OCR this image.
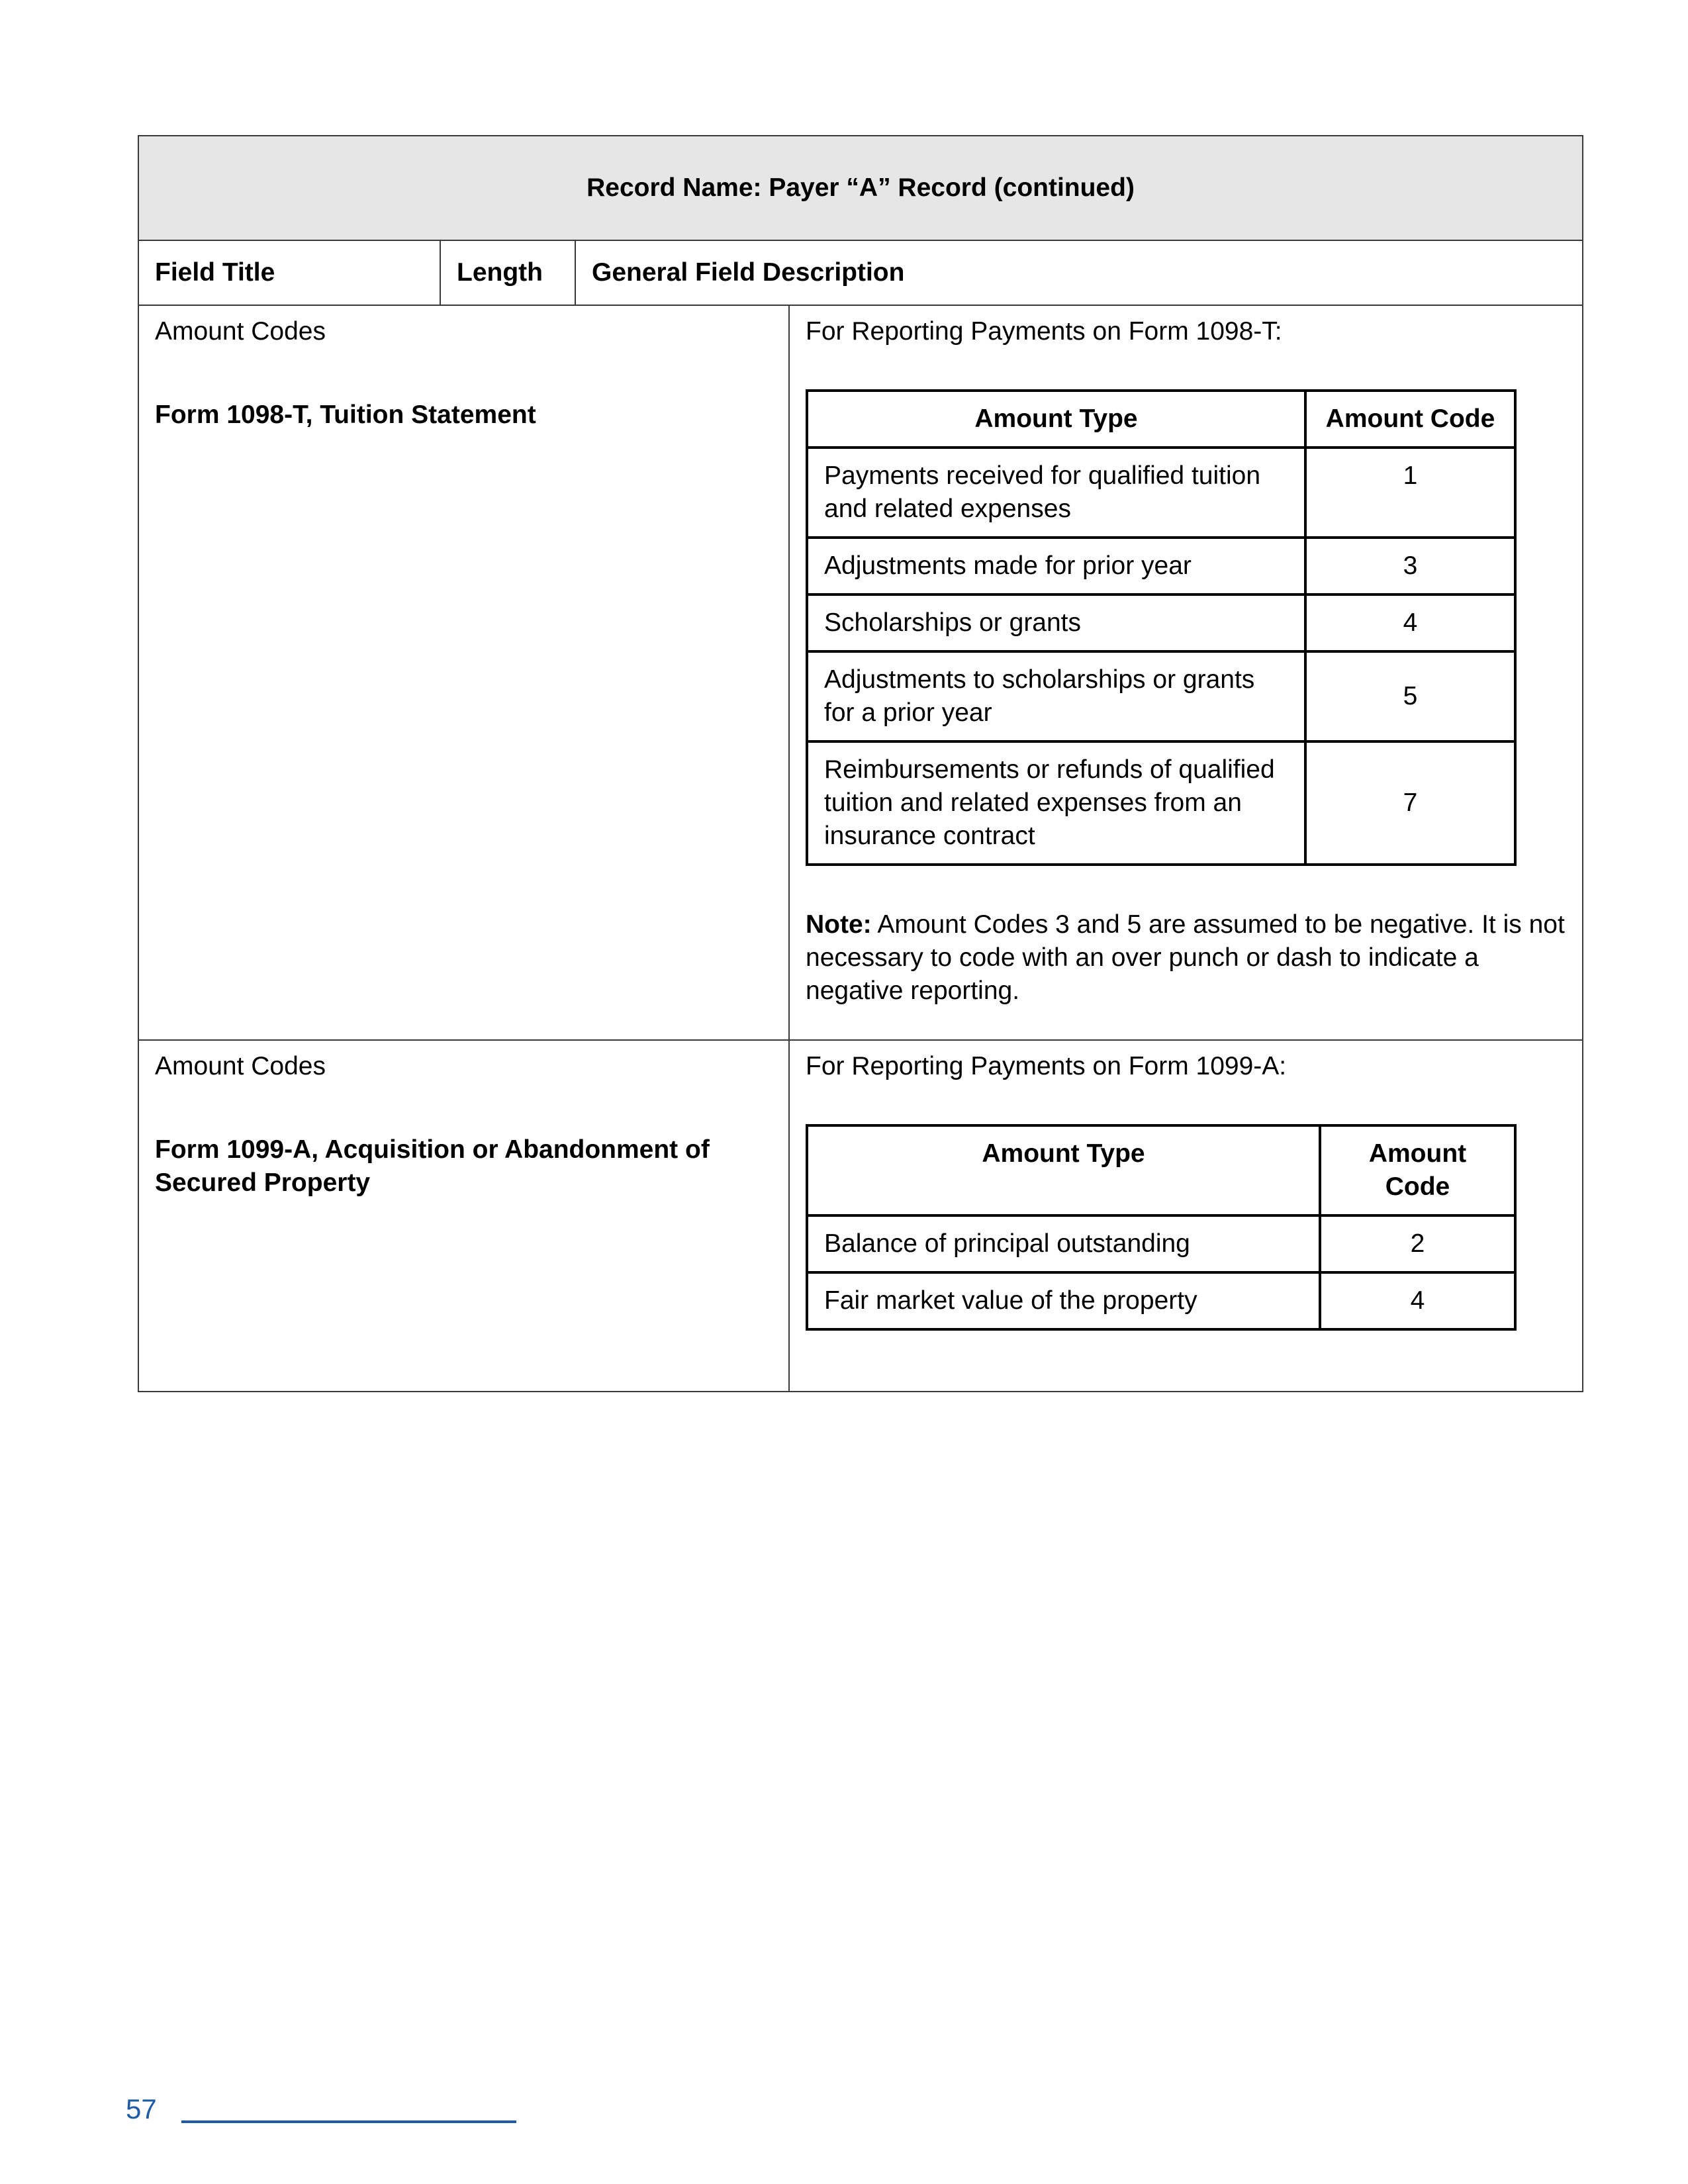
Record Name: Payer “A” Record (continued)
Field Title	Length	General Field Description

Amount Codes
Form 1098-T, Tuition Statement

For Reporting Payments on Form 1098-T:
Amount Type	Amount Code
Payments received for qualified tuition and related expenses	1
Adjustments made for prior year	3
Scholarships or grants	4
Adjustments to scholarships or grants for a prior year	5
Reimbursements or refunds of qualified tuition and related expenses from an insurance contract	7
Note: Amount Codes 3 and 5 are assumed to be negative. It is not necessary to code with an over punch or dash to indicate a negative reporting.

Amount Codes
Form 1099-A, Acquisition or Abandonment of Secured Property

For Reporting Payments on Form 1099-A:
Amount Type	Amount Code
Balance of principal outstanding	2
Fair market value of the property	4
57
